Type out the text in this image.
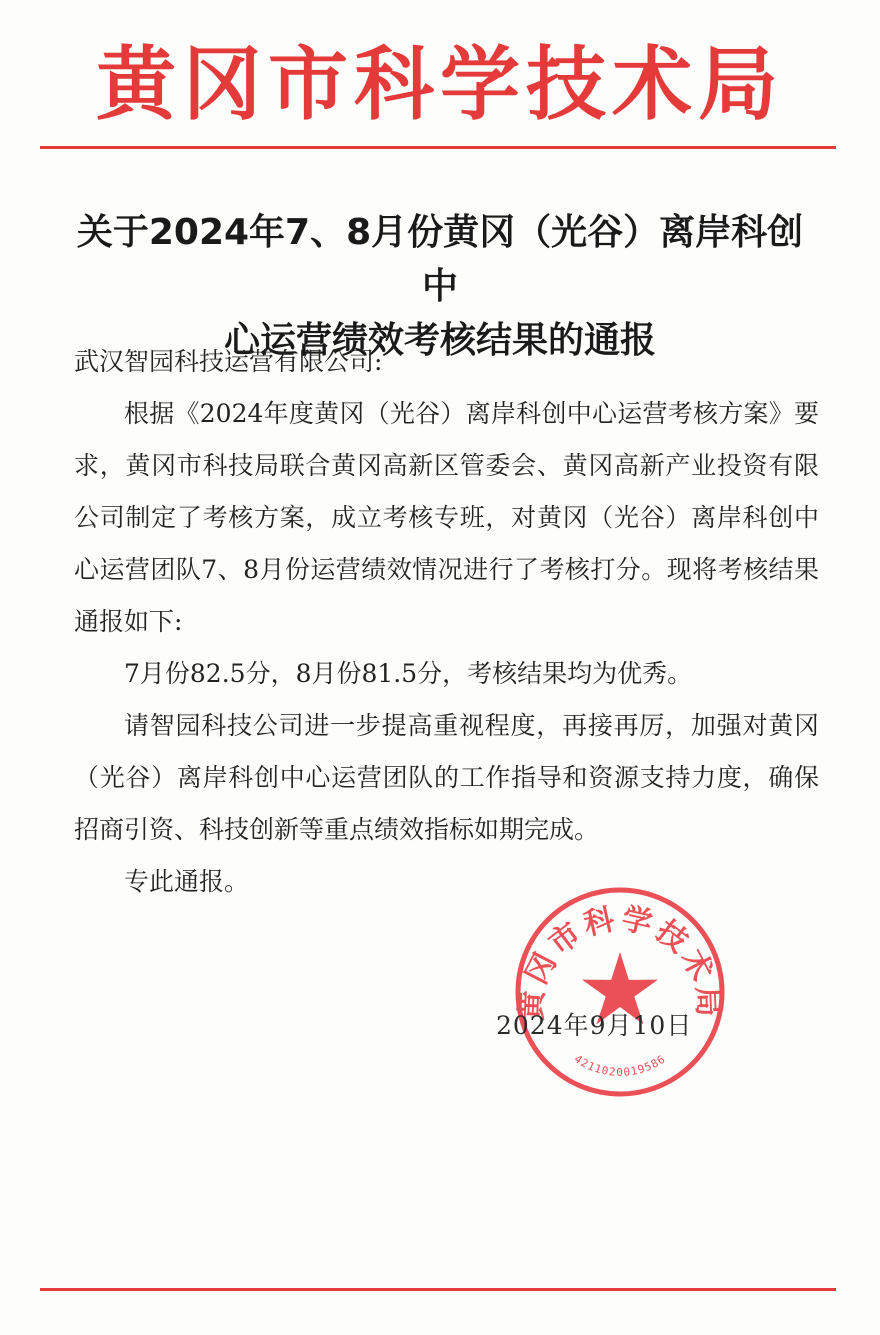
黄冈市科学技术局
关于2024年7、8月份黄冈（光谷）离岸科创中
心运营绩效考核结果的通报

武汉智园科技运营有限公司:

根据《2024年度黄冈（光谷）离岸科创中心运营考核方案》要求，黄冈市科技局联合黄冈高新区管委会、黄冈高新产业投资有限公司制定了考核方案，成立考核专班，对黄冈（光谷）离岸科创中心运营团队7、8月份运营绩效情况进行了考核打分。现将考核结果通报如下:

7月份82.5分，8月份81.5分，考核结果均为优秀。

请智园科技公司进一步提高重视程度，再接再厉，加强对黄冈（光谷）离岸科创中心运营团队的工作指导和资源支持力度，确保招商引资、科技创新等重点绩效指标如期完成。

专此通报。

黄冈市科学技术局
4211020019586
2024年9月10日
